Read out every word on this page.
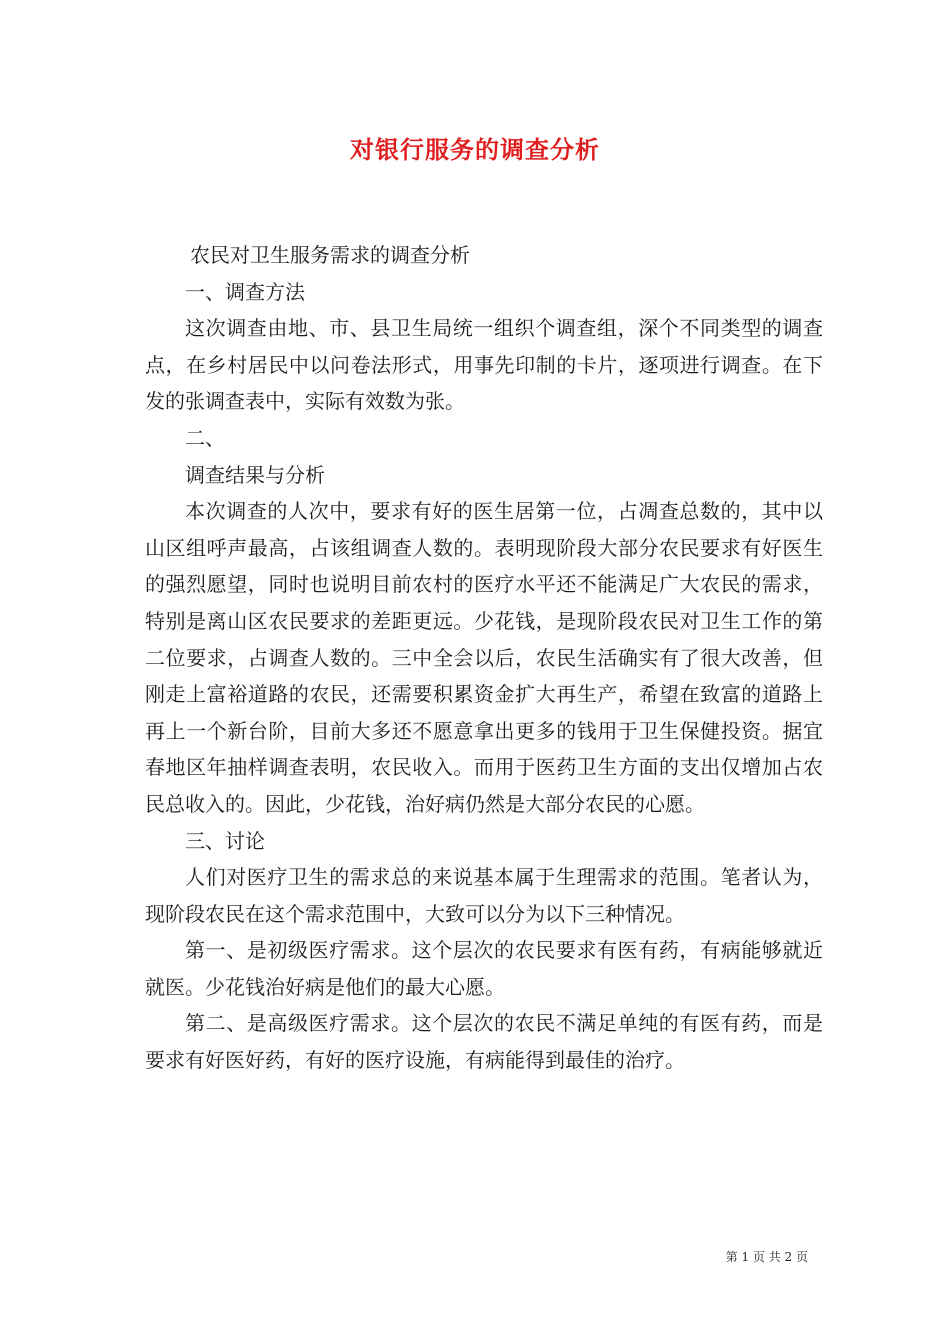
对银行服务的调查分析

农民对卫生服务需求的调查分析

一、调查方法

这次调查由地、市、县卫生局统一组织个调查组，深个不同类型的调查点，在乡村居民中以问卷法形式，用事先印制的卡片，逐项进行调查。在下发的张调查表中，实际有效数为张。

二、

调查结果与分析

本次调查的人次中，要求有好的医生居第一位，占凋查总数的，其中以山区组呼声最高，占该组调查人数的。表明现阶段大部分农民要求有好医生的强烈愿望，同时也说明目前农村的医疗水平还不能满足广大农民的需求，特别是离山区农民要求的差距更远。少花钱，是现阶段农民对卫生工作的第二位要求，占调查人数的。三中全会以后，农民生活确实有了很大改善，但刚走上富裕道路的农民，还需要积累资金扩大再生产，希望在致富的道路上再上一个新台阶，目前大多还不愿意拿出更多的钱用于卫生保健投资。据宜春地区年抽样调查表明，农民收入。而用于医药卫生方面的支出仅增加占农民总收入的。因此，少花钱，治好病仍然是大部分农民的心愿。

三、讨论

人们对医疗卫生的需求总的来说基本属于生理需求的范围。笔者认为，现阶段农民在这个需求范围中，大致可以分为以下三种情况。

第一、是初级医疗需求。这个层次的农民要求有医有药，有病能够就近就医。少花钱治好病是他们的最大心愿。

第二、是高级医疗需求。这个层次的农民不满足单纯的有医有药，而是要求有好医好药，有好的医疗设施，有病能得到最佳的治疗。

第 1 页 共 2 页
